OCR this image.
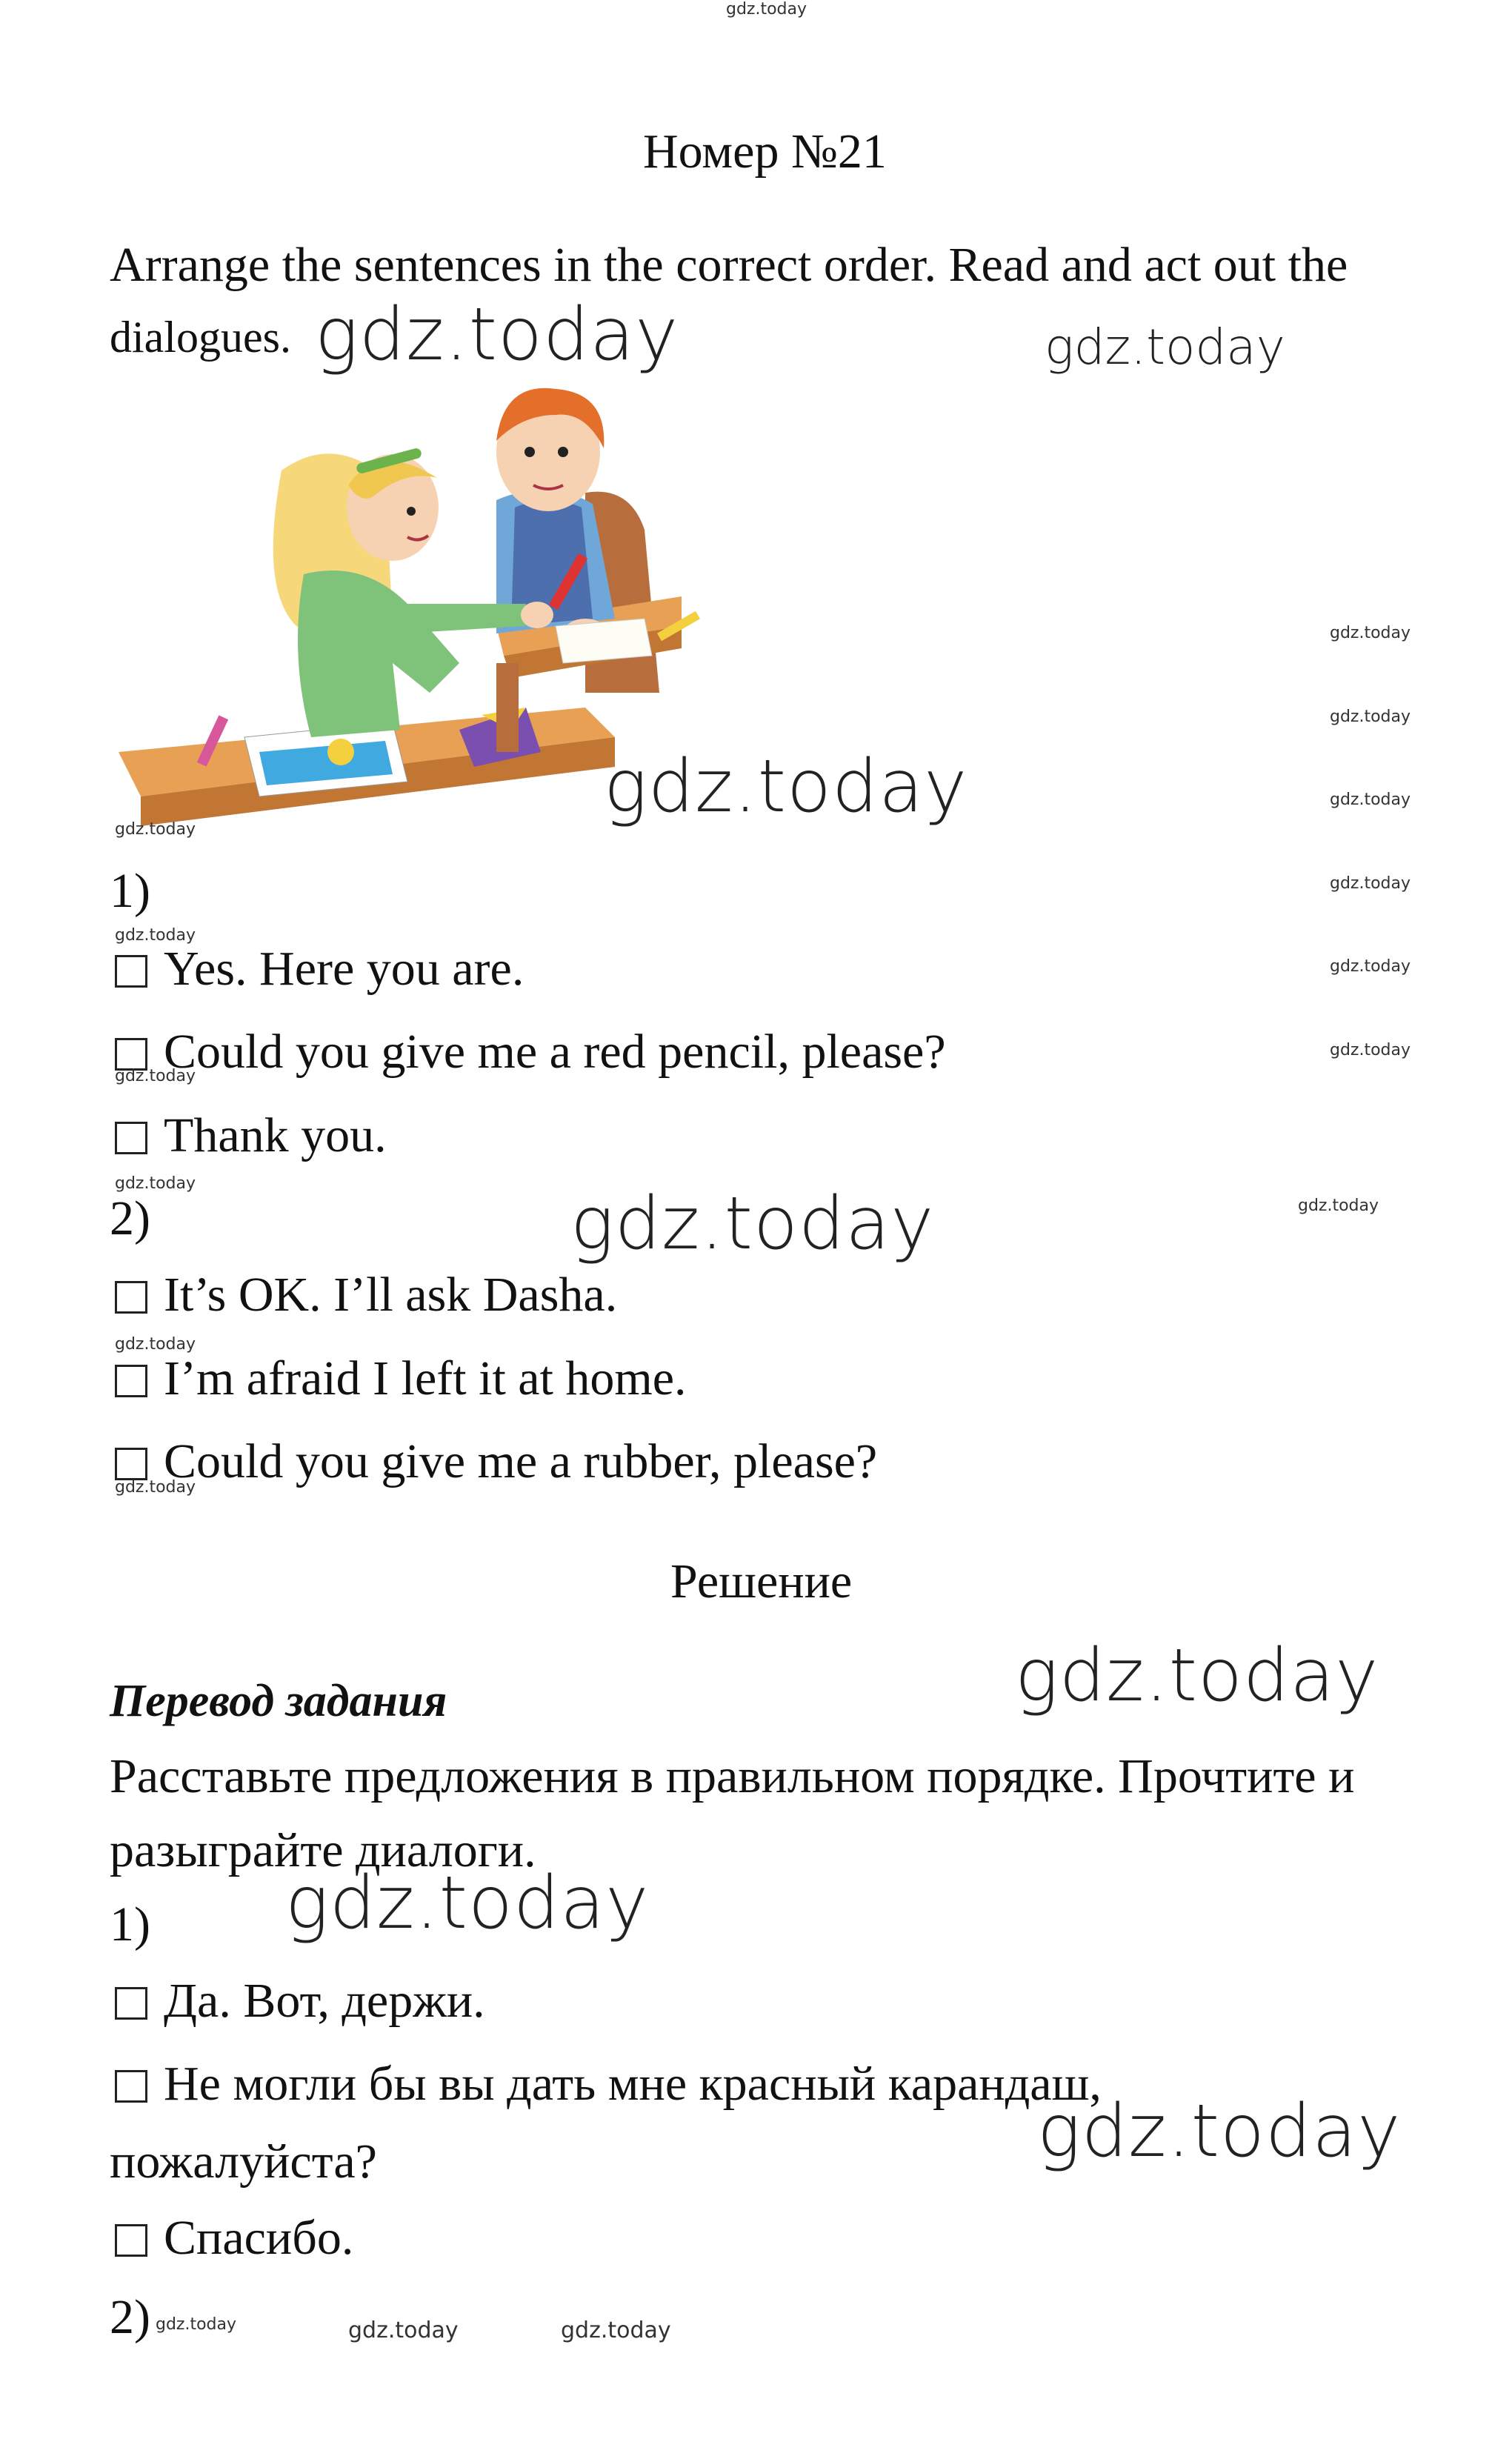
gdz.today
Номер №21
Arrange the sentences in the correct order. Read and act out the
dialogues. gdz.today	gdz.today
gdz.today
gdz.today
gdz.today
gdz.today
gdz.today
gdz.today
gdz.today
gdz.today
gdz.today
1)
gdz.today
Yes. Here you are.
Could you give me a red pencil, please?
gdz.today
Thank you.
gdz.today
2)	gdz.today
It’s OK. I’ll ask Dasha.
gdz.today
I’m afraid I left it at home.
Could you give me a rubber, please?
gdz.today
Решение
gdz.today
Перевод задания
Расставьте предложения в правильном порядке. Прочтите и
разыграйте диалоги.
1) gdz.today
Да. Вот, держи.
Не могли бы вы дать мне красный карандаш,
пожалуйста?	gdz.today
Спасибо.
2) gdz.today	gdz.today	gdz.today
